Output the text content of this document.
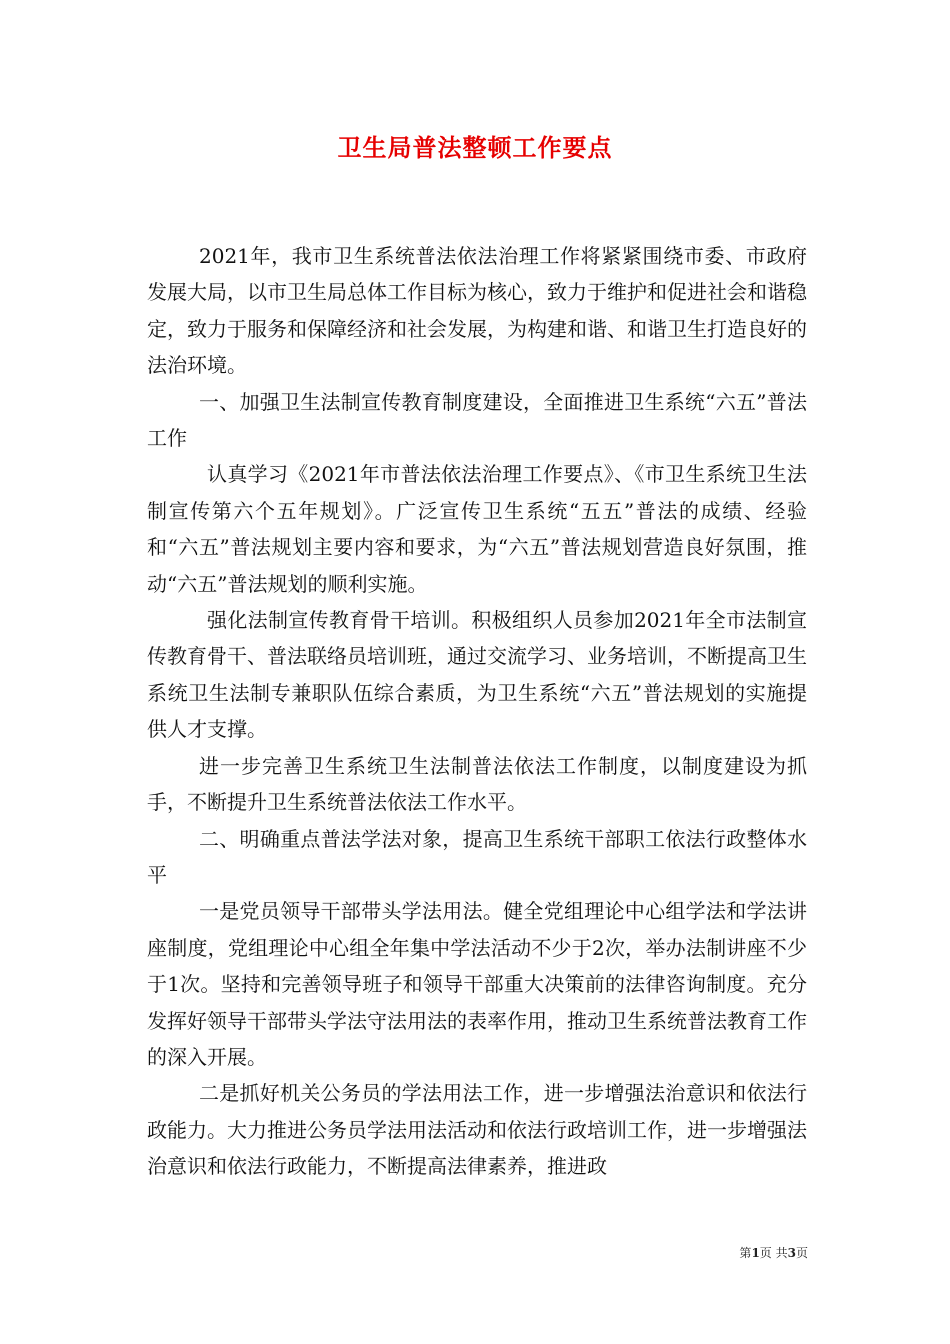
卫生局普法整顿工作要点

2021年，我市卫生系统普法依法治理工作将紧紧围绕市委、市政府发展大局，以市卫生局总体工作目标为核心，致力于维护和促进社会和谐稳定，致力于服务和保障经济和社会发展，为构建和谐、和谐卫生打造良好的法治环境。

一、加强卫生法制宣传教育制度建设，全面推进卫生系统“六五”普法工作

认真学习《2021年市普法依法治理工作要点》、《市卫生系统卫生法制宣传第六个五年规划》。广泛宣传卫生系统“五五”普法的成绩、经验和“六五”普法规划主要内容和要求，为“六五”普法规划营造良好氛围，推动“六五”普法规划的顺利实施。

强化法制宣传教育骨干培训。积极组织人员参加2021年全市法制宣传教育骨干、普法联络员培训班，通过交流学习、业务培训，不断提高卫生系统卫生法制专兼职队伍综合素质，为卫生系统“六五”普法规划的实施提供人才支撑。

进一步完善卫生系统卫生法制普法依法工作制度，以制度建设为抓手，不断提升卫生系统普法依法工作水平。

二、明确重点普法学法对象，提高卫生系统干部职工依法行政整体水平

一是党员领导干部带头学法用法。健全党组理论中心组学法和学法讲座制度，党组理论中心组全年集中学法活动不少于2次，举办法制讲座不少于1次。坚持和完善领导班子和领导干部重大决策前的法律咨询制度。充分发挥好领导干部带头学法守法用法的表率作用，推动卫生系统普法教育工作的深入开展。

二是抓好机关公务员的学法用法工作，进一步增强法治意识和依法行政能力。大力推进公务员学法用法活动和依法行政培训工作，进一步增强法治意识和依法行政能力，不断提高法律素养，推进政

第1页 共3页
